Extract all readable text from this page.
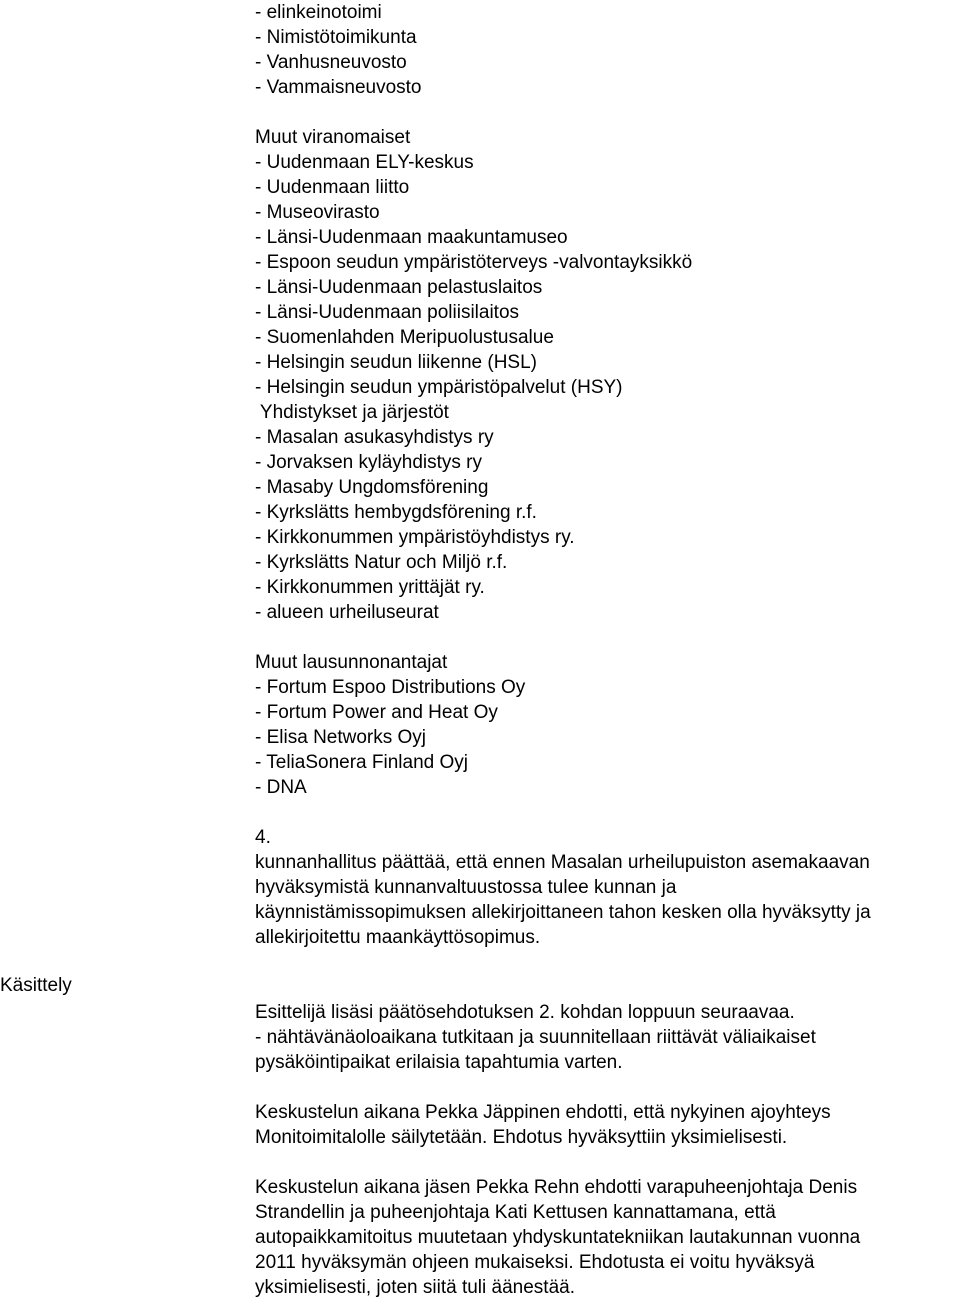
Käsittely
- elinkeinotoimi
- Nimistötoimikunta
- Vanhusneuvosto
- Vammaisneuvosto
Muut viranomaiset
- Uudenmaan ELY-keskus
- Uudenmaan liitto
- Museovirasto
- Länsi-Uudenmaan maakuntamuseo
- Espoon seudun ympäristöterveys -valvontayksikkö
- Länsi-Uudenmaan pelastuslaitos
- Länsi-Uudenmaan poliisilaitos
- Suomenlahden Meripuolustusalue
- Helsingin seudun liikenne (HSL)
- Helsingin seudun ympäristöpalvelut (HSY)
Yhdistykset ja järjestöt
- Masalan asukasyhdistys ry
- Jorvaksen kyläyhdistys ry
- Masaby Ungdomsförening
- Kyrkslätts hembygdsförening r.f.
- Kirkkonummen ympäristöyhdistys ry.
- Kyrkslätts Natur och Miljö r.f.
- Kirkkonummen yrittäjät ry.
- alueen urheiluseurat
Muut lausunnonantajat
- Fortum Espoo Distributions Oy
- Fortum Power and Heat Oy
- Elisa Networks Oyj
- TeliaSonera Finland Oyj
- DNA
4.
kunnanhallitus päättää, että ennen Masalan urheilupuiston asemakaavan
hyväksymistä kunnanvaltuustossa tulee kunnan ja
käynnistämissopimuksen allekirjoittaneen tahon kesken olla hyväksytty ja
allekirjoitettu maankäyttösopimus.
Esittelijä lisäsi päätösehdotuksen 2. kohdan loppuun seuraavaa.
- nähtävänäoloaikana tutkitaan ja suunnitellaan riittävät väliaikaiset
pysäköintipaikat erilaisia tapahtumia varten.
Keskustelun aikana Pekka Jäppinen ehdotti, että nykyinen ajoyhteys
Monitoimitalolle säilytetään. Ehdotus hyväksyttiin yksimielisesti.
Keskustelun aikana jäsen Pekka Rehn ehdotti varapuheenjohtaja Denis
Strandellin ja puheenjohtaja Kati Kettusen kannattamana, että
autopaikkamitoitus muutetaan yhdyskuntatekniikan lautakunnan vuonna
2011 hyväksymän ohjeen mukaiseksi. Ehdotusta ei voitu hyväksyä
yksimielisesti, joten siitä tuli äänestää.
